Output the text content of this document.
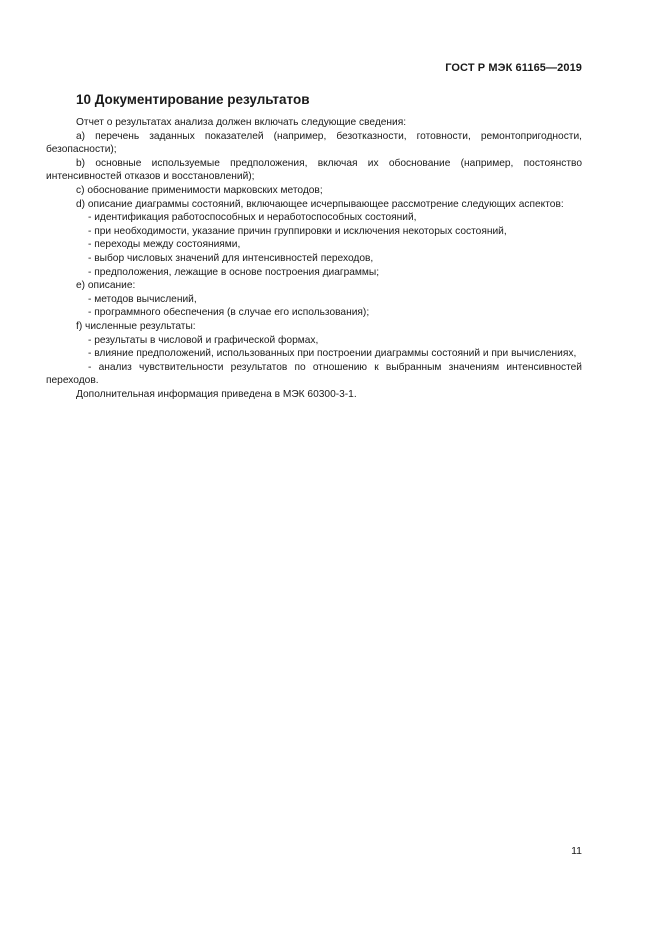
ГОСТ Р МЭК 61165—2019
10 Документирование результатов

Отчет о результатах анализа должен включать следующие сведения:

а) перечень заданных показателей (например, безотказности, готовности, ремонтопригодности, безопасности);

b) основные используемые предположения, включая их обоснование (например, постоянство интенсивностей отказов и восстановлений);

с) обоснование применимости марковских методов;

d) описание диаграммы состояний, включающее исчерпывающее рассмотрение следующих аспектов:

- идентификация работоспособных и неработоспособных состояний,

- при необходимости, указание причин группировки и исключения некоторых состояний,

- переходы между состояниями,

- выбор числовых значений для интенсивностей переходов,

- предположения, лежащие в основе построения диаграммы;

е) описание:

- методов вычислений,

- программного обеспечения (в случае его использования);

f) численные результаты:

- результаты в числовой и графической формах,

- влияние предположений, использованных при построении диаграммы состояний и при вычислениях,

- анализ чувствительности результатов по отношению к выбранным значениям интенсивностей переходов.

Дополнительная информация приведена в МЭК 60300-3-1.

11
